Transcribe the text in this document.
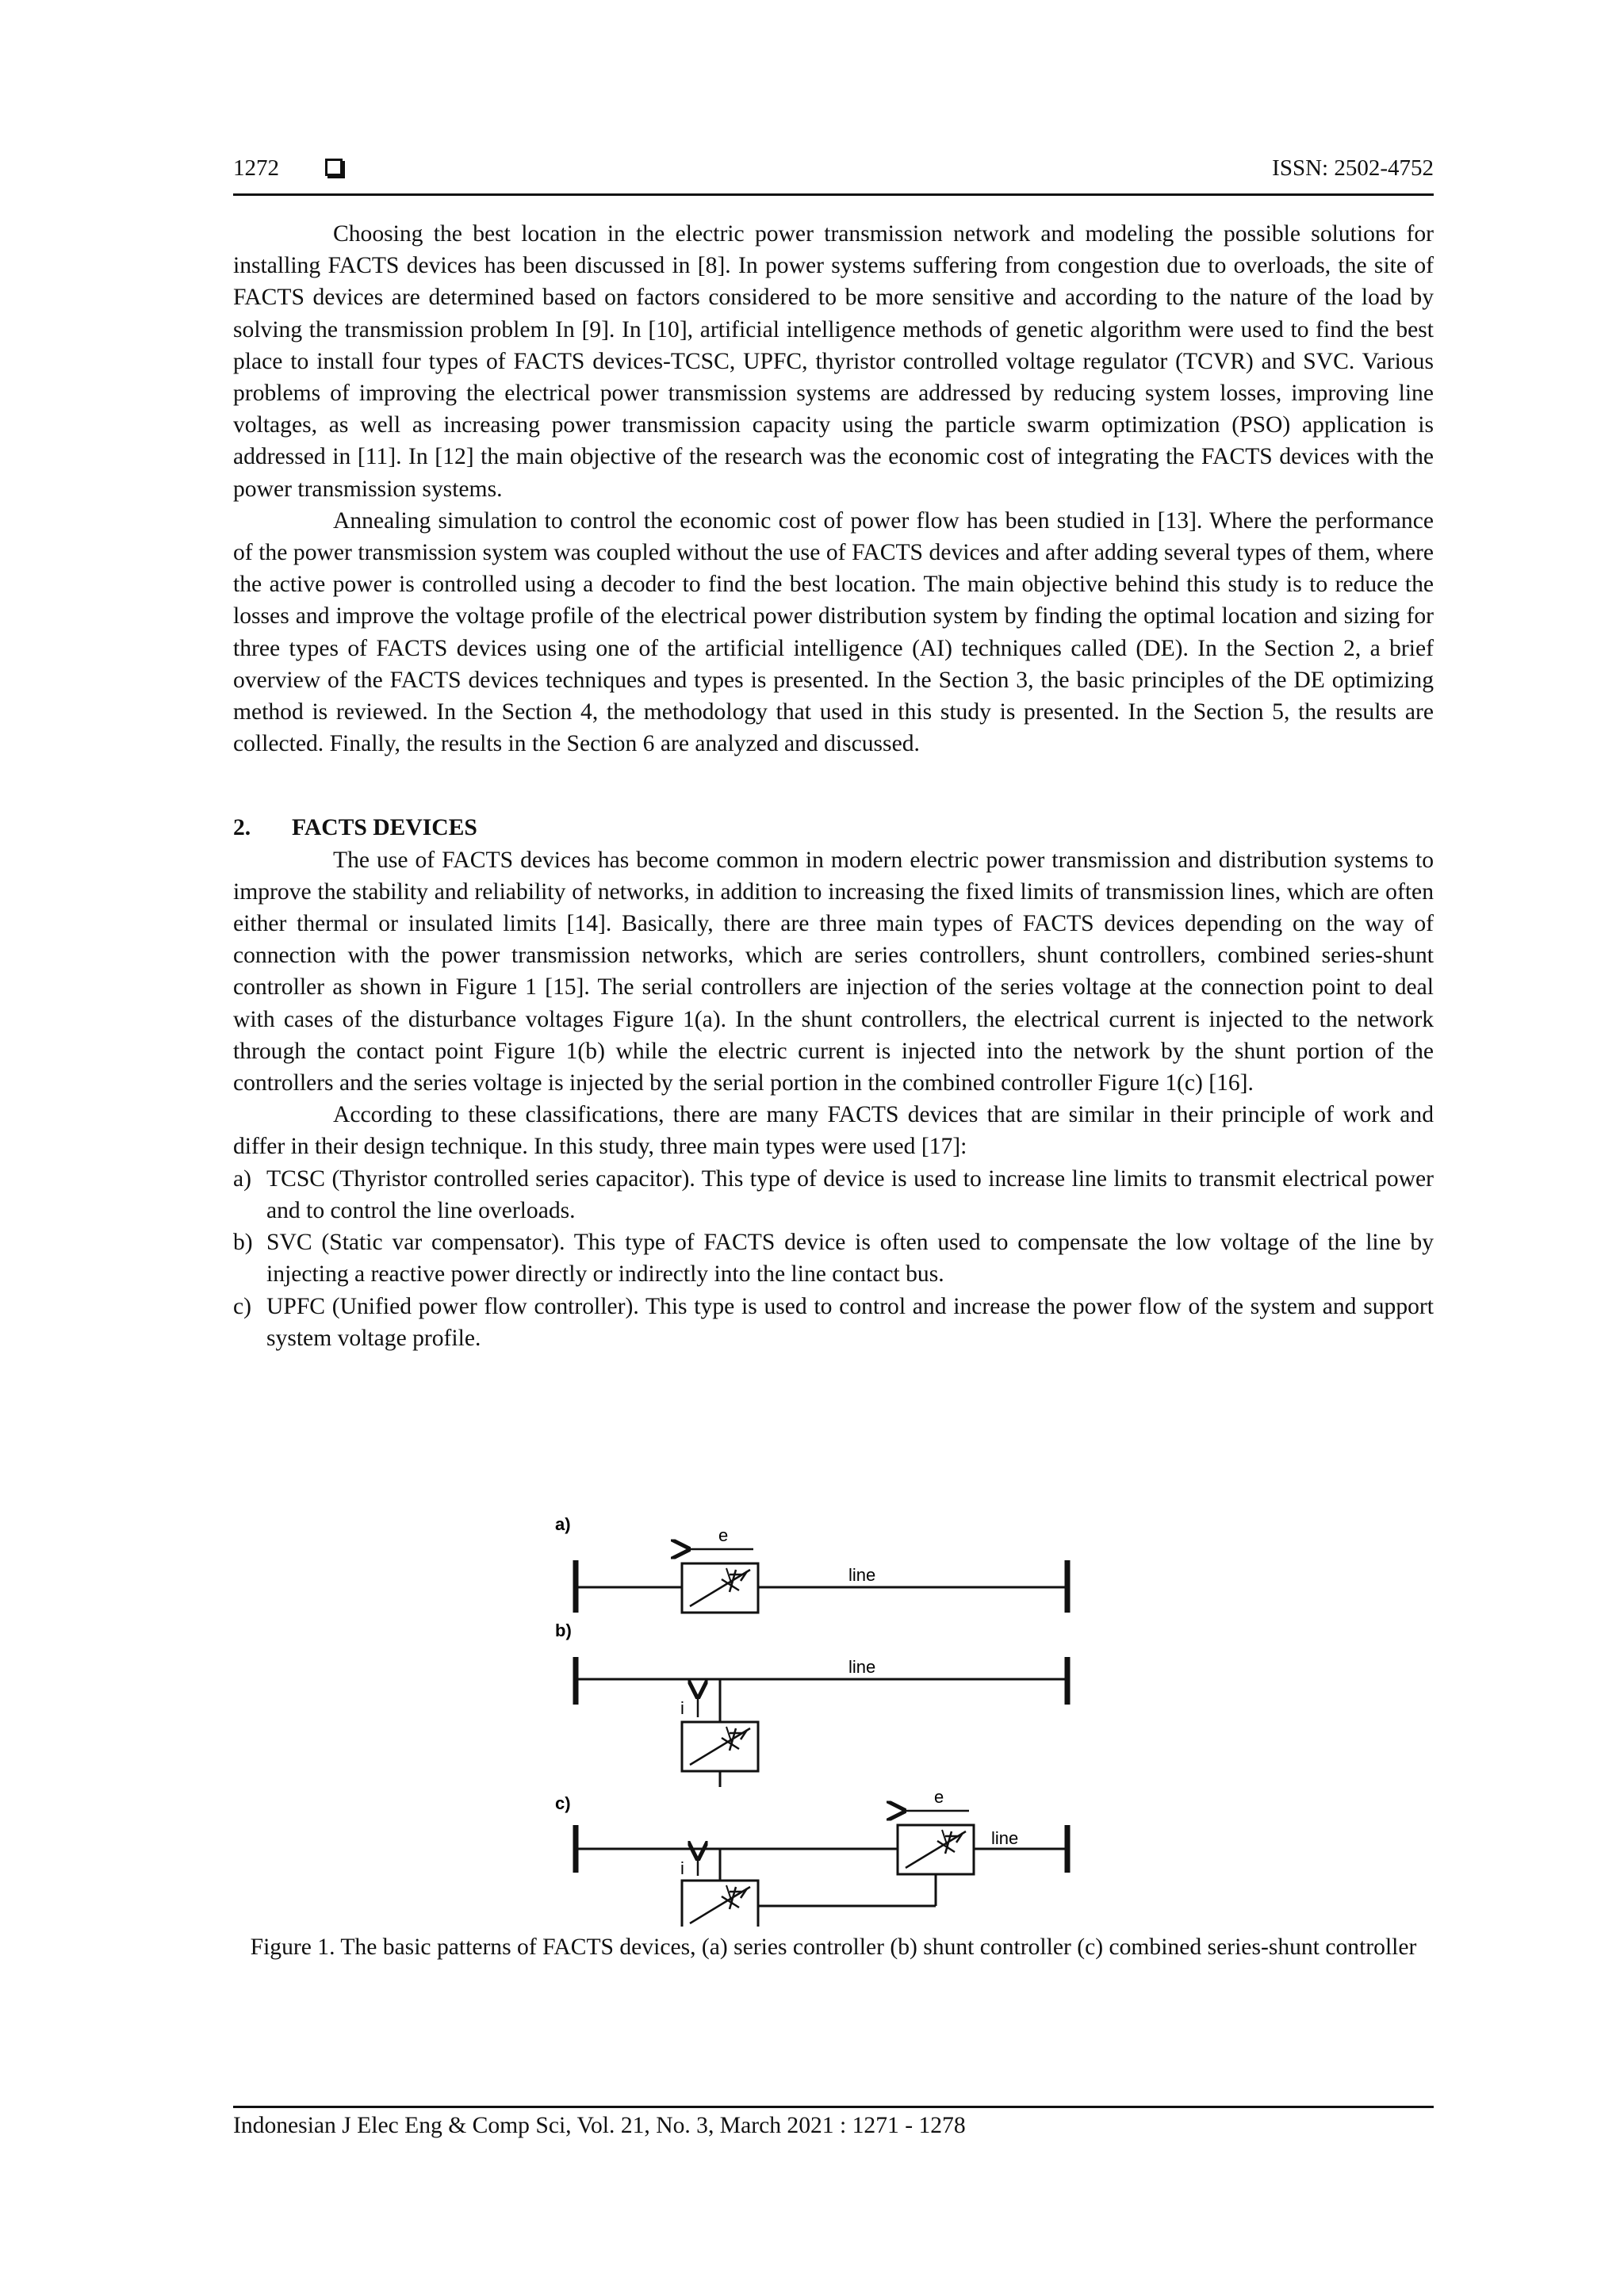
1272	ISSN: 2502-4752

Choosing the best location in the electric power transmission network and modeling the possible solutions for installing FACTS devices has been discussed in [8]. In power systems suffering from congestion due to overloads, the site of FACTS devices are determined based on factors considered to be more sensitive and according to the nature of the load by solving the transmission problem In [9]. In [10], artificial intelligence methods of genetic algorithm were used to find the best place to install four types of FACTS devices-TCSC, UPFC, thyristor controlled voltage regulator (TCVR) and SVC. Various problems of improving the electrical power transmission systems are addressed by reducing system losses, improving line voltages, as well as increasing power transmission capacity using the particle swarm optimization (PSO) application is addressed in [11]. In [12] the main objective of the research was the economic cost of integrating the FACTS devices with the power transmission systems.

Annealing simulation to control the economic cost of power flow has been studied in [13]. Where the performance of the power transmission system was coupled without the use of FACTS devices and after adding several types of them, where the active power is controlled using a decoder to find the best location. The main objective behind this study is to reduce the losses and improve the voltage profile of the electrical power distribution system by finding the optimal location and sizing for three types of FACTS devices using one of the artificial intelligence (AI) techniques called (DE). In the Section 2, a brief overview of the FACTS devices techniques and types is presented. In the Section 3, the basic principles of the DE optimizing method is reviewed. In the Section 4, the methodology that used in this study is presented. In the Section 5, the results are collected. Finally, the results in the Section 6 are analyzed and discussed.

2. FACTS DEVICES

The use of FACTS devices has become common in modern electric power transmission and distribution systems to improve the stability and reliability of networks, in addition to increasing the fixed limits of transmission lines, which are often either thermal or insulated limits [14]. Basically, there are three main types of FACTS devices depending on the way of connection with the power transmission networks, which are series controllers, shunt controllers, combined series-shunt controller as shown in Figure 1 [15]. The serial controllers are injection of the series voltage at the connection point to deal with cases of the disturbance voltages Figure 1(a). In the shunt controllers, the electrical current is injected to the network through the contact point Figure 1(b) while the electric current is injected into the network by the shunt portion of the controllers and the series voltage is injected by the serial portion in the combined controller Figure 1(c) [16].

According to these classifications, there are many FACTS devices that are similar in their principle of work and differ in their design technique. In this study, three main types were used [17]:

a) TCSC (Thyristor controlled series capacitor). This type of device is used to increase line limits to transmit electrical power and to control the line overloads.
b) SVC (Static var compensator). This type of FACTS device is often used to compensate the low voltage of the line by injecting a reactive power directly or indirectly into the line contact bus.
c) UPFC (Unified power flow controller). This type is used to control and increase the power flow of the system and support system voltage profile.
a)
e
line
b)
line
i
c)	e
line
i
Figure 1. The basic patterns of FACTS devices, (a) series controller (b) shunt controller (c) combined series-shunt controller
Indonesian J Elec Eng & Comp Sci, Vol. 21, No. 3, March 2021 : 1271 - 1278
